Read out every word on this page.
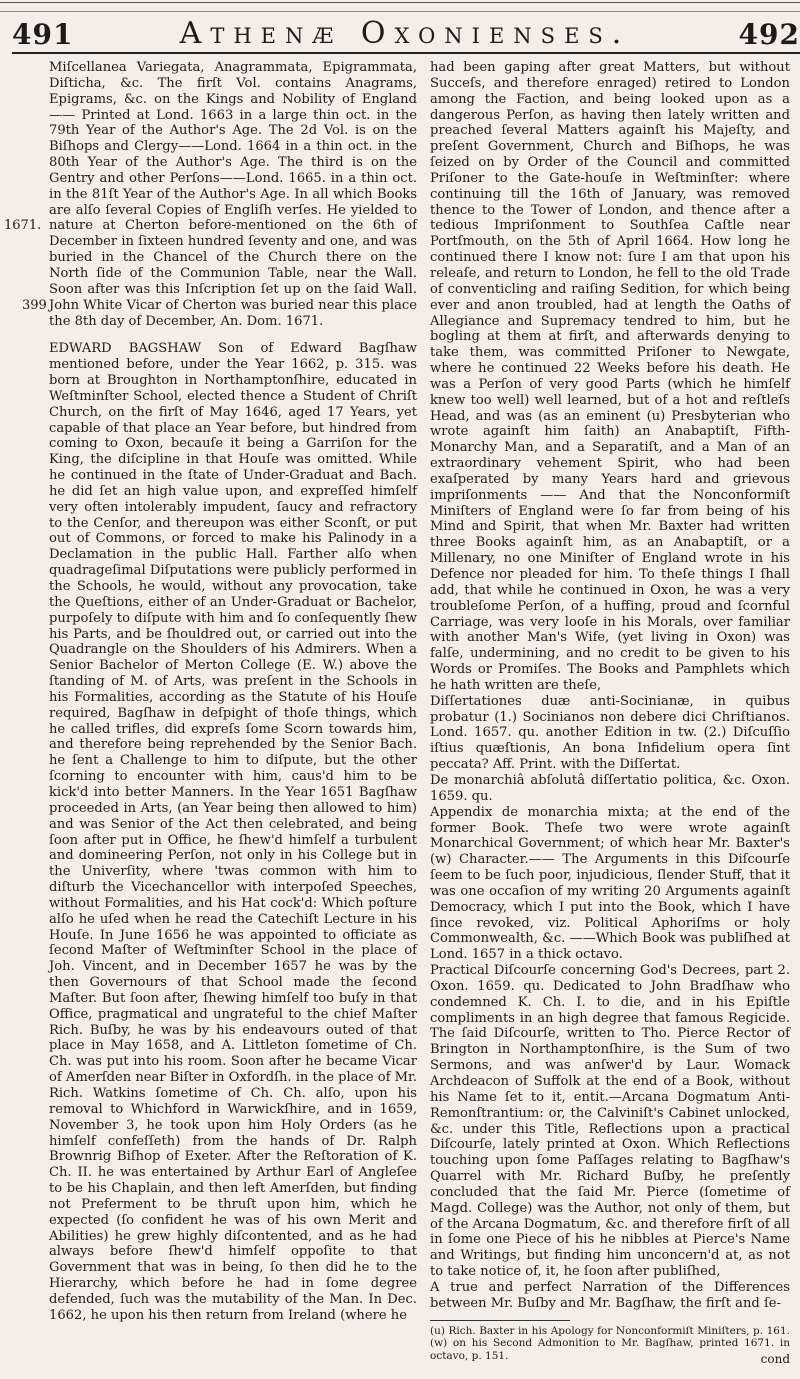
491	Athenæ Oxonienses.	492
1671.
399

Miſcellanea Variegata, Anagrammata, Epigrammata, Diſticha, &c. The firſt Vol. contains Anagrams, Epigrams, &c. on the Kings and Nobility of England—— Printed at Lond. 1663 in a large thin oct. in the 79th Year of the Author's Age. The 2d Vol. is on the Biſhops and Clergy——Lond. 1664 in a thin oct. in the 80th Year of the Author's Age. The third is on the Gentry and other Perſons——Lond. 1665. in a thin oct. in the 81ſt Year of the Author's Age. In all which Books are alſo ſeveral Copies of Engliſh verſes. He yielded to nature at Cherton before-mentioned on the 6th of December in ſixteen hundred ſeventy and one, and was buried in the Chancel of the Church there on the North ſide of the Communion Table, near the Wall. Soon after was this Inſcription ſet up on the ſaid Wall. John White Vicar of Cherton was buried near this place the 8th day of December, An. Dom. 1671.

EDWARD BAGSHAW Son of Edward Bagſhaw mentioned before, under the Year 1662, p. 315. was born at Broughton in Northamptonſhire, educated in Weſtminſter School, elected thence a Student of Chriſt Church, on the firſt of May 1646, aged 17 Years, yet capable of that place an Year before, but hindred from coming to Oxon, becauſe it being a Garriſon for the King, the diſcipline in that Houſe was omitted. While he continued in the ſtate of Under-Graduat and Bach. he did ſet an high value upon, and expreſſed himſelf very often intolerably impudent, ſaucy and refractory to the Cenſor, and thereupon was either Sconſt, or put out of Commons, or forced to make his Palinody in a Declamation in the public Hall. Farther alſo when quadrageſimal Diſputations were publicly performed in the Schools, he would, without any provocation, take the Queſtions, either of an Under-Graduat or Bachelor, purpoſely to diſpute with him and ſo conſequently ſhew his Parts, and be ſhouldred out, or carried out into the Quadrangle on the Shoulders of his Admirers. When a Senior Bachelor of Merton College (E. W.) above the ſtanding of M. of Arts, was preſent in the Schools in his Formalities, according as the Statute of his Houſe required, Bagſhaw in deſpight of thoſe things, which he called trifles, did expreſs ſome Scorn towards him, and therefore being reprehended by the Senior Bach. he ſent a Challenge to him to diſpute, but the other ſcorning to encounter with him, caus'd him to be kick'd into better Manners. In the Year 1651 Bagſhaw proceeded in Arts, (an Year being then allowed to him) and was Senior of the Act then celebrated, and being ſoon after put in Office, he ſhew'd himſelf a turbulent and domineering Perſon, not only in his College but in the Univerſity, where 'twas common with him to diſturb the Vicechancellor with interpoſed Speeches, without Formalities, and his Hat cock'd: Which poſture alſo he uſed when he read the Catechiſt Lecture in his Houſe. In June 1656 he was appointed to officiate as ſecond Maſter of Weſtminſter School in the place of Joh. Vincent, and in December 1657 he was by the then Governours of that School made the ſecond Maſter. But ſoon after, ſhewing himſelf too buſy in that Office, pragmatical and ungrateful to the chief Maſter Rich. Buſby, he was by his endeavours outed of that place in May 1658, and A. Littleton ſometime of Ch. Ch. was put into his room. Soon after he became Vicar of Amerſden near Biſter in Oxfordſh. in the place of Mr. Rich. Watkins ſometime of Ch. Ch. alſo, upon his removal to Whichford in Warwickſhire, and in 1659, November 3, he took upon him Holy Orders (as he himſelf confeſſeth) from the hands of Dr. Ralph Brownrig Biſhop of Exeter. After the Reſtoration of K. Ch. II. he was entertained by Arthur Earl of Angleſee to be his Chaplain, and then left Amerſden, but finding not Preferment to be thruſt upon him, which he expected (ſo confident he was of his own Merit and Abilities) he grew highly diſcontented, and as he had always before ſhew'd himſelf oppoſite to that Government that was in being, ſo then did he to the Hierarchy, which before he had in ſome degree defended, ſuch was the mutability of the Man. In Dec. 1662, he upon his then return from Ireland (where he

had been gaping after great Matters, but without Succeſs, and therefore enraged) retired to London among the Faction, and being looked upon as a dangerous Perſon, as having then lately written and preached ſeveral Matters againſt his Majeſty, and preſent Government, Church and Biſhops, he was ſeized on by Order of the Council and committed Priſoner to the Gate-houſe in Weſtminſter: where continuing till the 16th of January, was removed thence to the Tower of London, and thence after a tedious Impriſonment to Southſea Caſtle near Portſmouth, on the 5th of April 1664. How long he continued there I know not: ſure I am that upon his releaſe, and return to London, he fell to the old Trade of conventicling and raiſing Sedition, for which being ever and anon troubled, had at length the Oaths of Allegiance and Supremacy tendred to him, but he bogling at them at firſt, and afterwards denying to take them, was committed Priſoner to Newgate, where he continued 22 Weeks before his death. He was a Perſon of very good Parts (which he himſelf knew too well) well learned, but of a hot and reſtleſs Head, and was (as an eminent (u) Presbyterian who wrote againſt him ſaith) an Anabaptiſt, Fifth-Monarchy Man, and a Separatiſt, and a Man of an extraordinary vehement Spirit, who had been exaſperated by many Years hard and grievous impriſonments —— And that the Nonconformiſt Miniſters of England were ſo far from being of his Mind and Spirit, that when Mr. Baxter had written three Books againſt him, as an Anabaptiſt, or a Millenary, no one Miniſter of England wrote in his Defence nor pleaded for him. To theſe things I ſhall add, that while he continued in Oxon, he was a very troubleſome Perſon, of a huffing, proud and ſcornful Carriage, was very looſe in his Morals, over familiar with another Man's Wife, (yet living in Oxon) was falſe, undermining, and no credit to be given to his Words or Promiſes. The Books and Pamphlets which he hath written are theſe,

Diſſertationes duæ anti-Socinianæ, in quibus probatur (1.) Socinianos non debere dici Chriſtianos. Lond. 1657. qu. another Edition in tw. (2.) Diſcuſſio iſtius quæſtionis, An bona Infidelium opera ſint peccata? Aff. Print. with the Diſſertat.

De monarchiâ abſolutâ diſſertatio politica, &c. Oxon. 1659. qu.

Appendix de monarchia mixta; at the end of the former Book. Theſe two were wrote againſt Monarchical Government; of which hear Mr. Baxter's (w) Character.—— The Arguments in this Diſcourſe ſeem to be ſuch poor, injudicious, ſlender Stuff, that it was one occaſion of my writing 20 Arguments againſt Democracy, which I put into the Book, which I have ſince revoked, viz. Political Aphoriſms or holy Commonwealth, &c. ——Which Book was publiſhed at Lond. 1657 in a thick octavo.

Practical Diſcourſe concerning God's Decrees, part 2. Oxon. 1659. qu. Dedicated to John Bradſhaw who condemned K. Ch. I. to die, and in his Epiſtle compliments in an high degree that famous Regicide. The ſaid Diſcourſe, written to Tho. Pierce Rector of Brington in Northamptonſhire, is the Sum of two Sermons, and was anſwer'd by Laur. Womack Archdeacon of Suffolk at the end of a Book, without his Name ſet to it, entit.—Arcana Dogmatum Anti-Remonſtrantium: or, the Calviniſt's Cabinet unlocked, &c. under this Title, Reflections upon a practical Diſcourſe, lately printed at Oxon. Which Reflections touching upon ſome Paſſages relating to Bagſhaw's Quarrel with Mr. Richard Buſby, he preſently concluded that the ſaid Mr. Pierce (ſometime of Magd. College) was the Author, not only of them, but of the Arcana Dogmatum, &c. and therefore firſt of all in ſome one Piece of his he nibbles at Pierce's Name and Writings, but finding him unconcern'd at, as not to take notice of, it, he ſoon after publiſhed,

A true and perfect Narration of the Differences between Mr. Buſby and Mr. Bagſhaw, the firſt and ſe-

(u) Rich. Baxter in his Apology for Nonconformiſt Miniſters, p. 161. (w) on his Second Admonition to Mr. Bagſhaw, printed 1671. in octavo, p. 151.	cond
